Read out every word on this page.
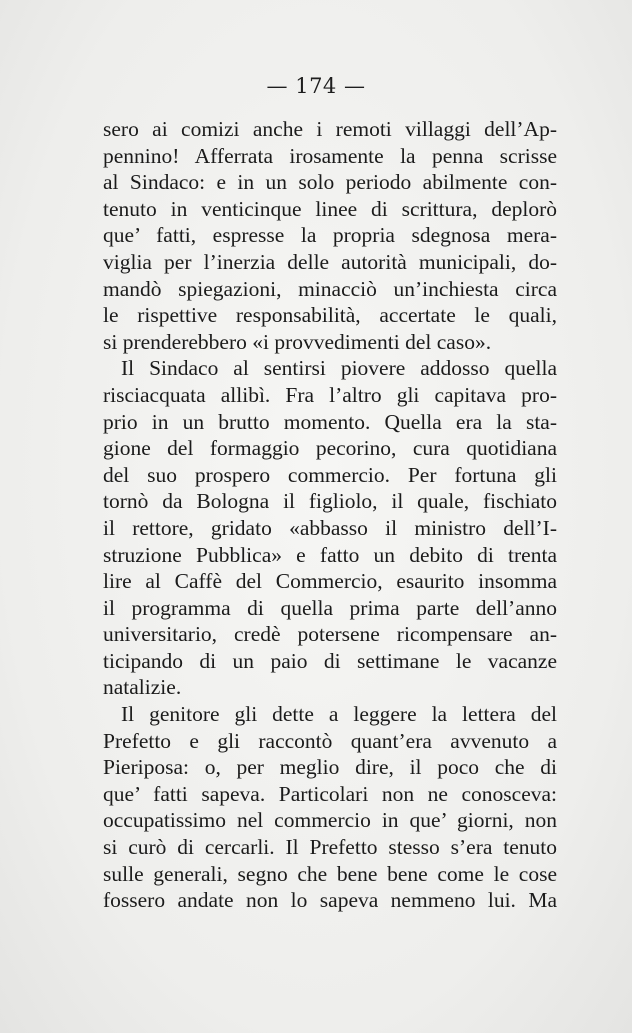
— 174 —
sero ai comizi anche i remoti villaggi dell’Ap-
pennino! Afferrata irosamente la penna scrisse
al Sindaco: e in un solo periodo abilmente con-
tenuto in venticinque linee di scrittura, deplorò
que’ fatti, espresse la propria sdegnosa mera-
viglia per l’inerzia delle autorità municipali, do-
mandò spiegazioni, minacciò un’inchiesta circa
le rispettive responsabilità, accertate le quali,
si prenderebbero «i provvedimenti del caso».
Il Sindaco al sentirsi piovere addosso quella
risciacquata allibì. Fra l’altro gli capitava pro-
prio in un brutto momento. Quella era la sta-
gione del formaggio pecorino, cura quotidiana
del suo prospero commercio. Per fortuna gli
tornò da Bologna il figliolo, il quale, fischiato
il rettore, gridato «abbasso il ministro dell’I-
struzione Pubblica» e fatto un debito di trenta
lire al Caffè del Commercio, esaurito insomma
il programma di quella prima parte dell’anno
universitario, credè potersene ricompensare an-
ticipando di un paio di settimane le vacanze
natalizie.
Il genitore gli dette a leggere la lettera del
Prefetto e gli raccontò quant’era avvenuto a
Pieriposa: o, per meglio dire, il poco che di
que’ fatti sapeva. Particolari non ne conosceva:
occupatissimo nel commercio in que’ giorni, non
si curò di cercarli. Il Prefetto stesso s’era tenuto
sulle generali, segno che bene bene come le cose
fossero andate non lo sapeva nemmeno lui. Ma
